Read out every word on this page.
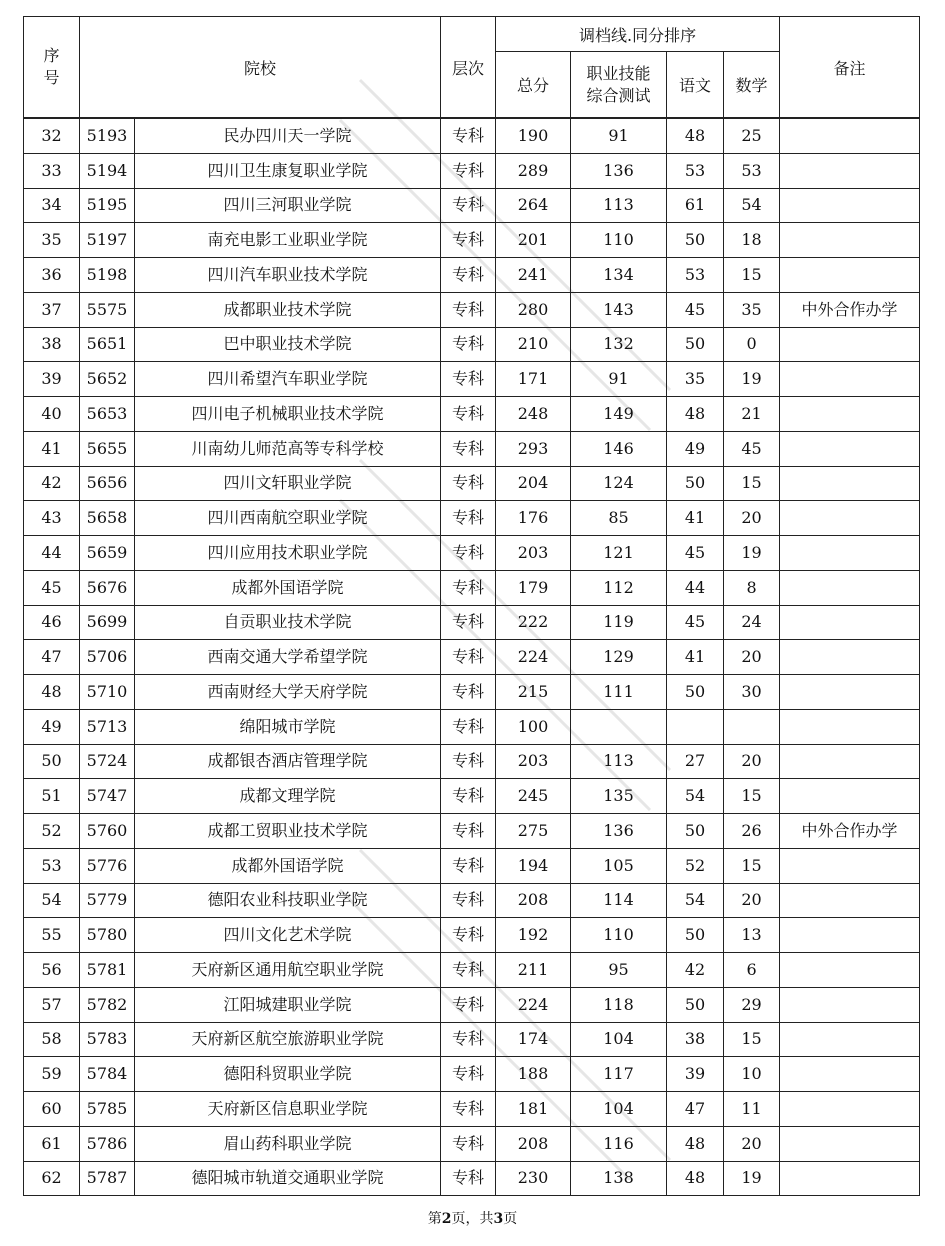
序号	院校		层次	调档线.同分排序				备注
				总分	职业技能
综合测试	语文	数学	
32	5193	民办四川天一学院	专科	190	91	48	25	
33	5194	四川卫生康复职业学院	专科	289	136	53	53	
34	5195	四川三河职业学院	专科	264	113	61	54	
35	5197	南充电影工业职业学院	专科	201	110	50	18	
36	5198	四川汽车职业技术学院	专科	241	134	53	15	
37	5575	成都职业技术学院	专科	280	143	45	35	中外合作办学
38	5651	巴中职业技术学院	专科	210	132	50	0	
39	5652	四川希望汽车职业学院	专科	171	91	35	19	
40	5653	四川电子机械职业技术学院	专科	248	149	48	21	
41	5655	川南幼儿师范高等专科学校	专科	293	146	49	45	
42	5656	四川文轩职业学院	专科	204	124	50	15	
43	5658	四川西南航空职业学院	专科	176	85	41	20	
44	5659	四川应用技术职业学院	专科	203	121	45	19	
45	5676	成都外国语学院	专科	179	112	44	8	
46	5699	自贡职业技术学院	专科	222	119	45	24	
47	5706	西南交通大学希望学院	专科	224	129	41	20	
48	5710	西南财经大学天府学院	专科	215	111	50	30	
49	5713	绵阳城市学院	专科	100				
50	5724	成都银杏酒店管理学院	专科	203	113	27	20	
51	5747	成都文理学院	专科	245	135	54	15	
52	5760	成都工贸职业技术学院	专科	275	136	50	26	中外合作办学
53	5776	成都外国语学院	专科	194	105	52	15	
54	5779	德阳农业科技职业学院	专科	208	114	54	20	
55	5780	四川文化艺术学院	专科	192	110	50	13	
56	5781	天府新区通用航空职业学院	专科	211	95	42	6	
57	5782	江阳城建职业学院	专科	224	118	50	29	
58	5783	天府新区航空旅游职业学院	专科	174	104	38	15	
59	5784	德阳科贸职业学院	专科	188	117	39	10	
60	5785	天府新区信息职业学院	专科	181	104	47	11	
61	5786	眉山药科职业学院	专科	208	116	48	20	
62	5787	德阳城市轨道交通职业学院	专科	230	138	48	19	
第2页，共3页
